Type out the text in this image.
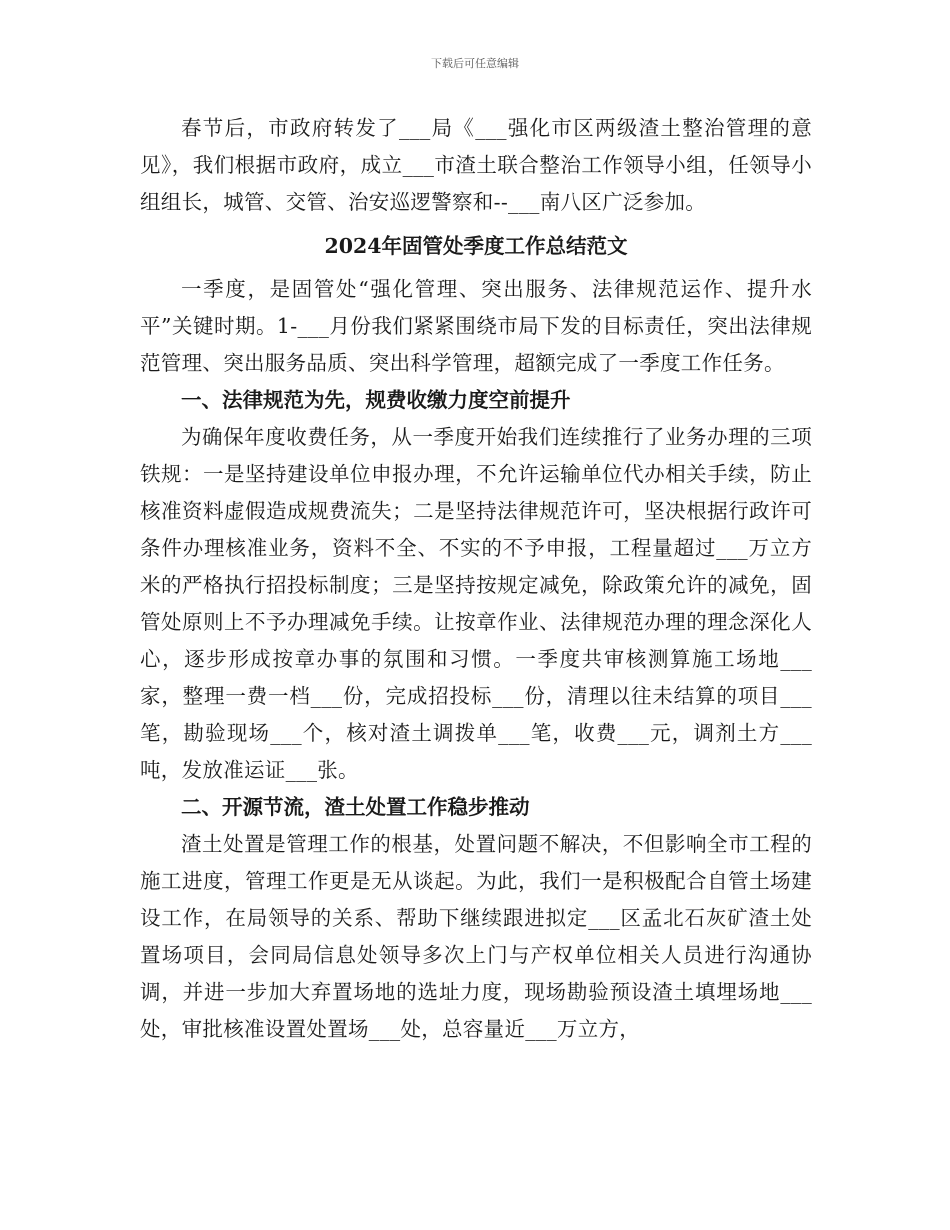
下载后可任意编辑

春节后，市政府转发了___局《___强化市区两级渣土整治管理的意见》，我们根据市政府，成立___市渣土联合整治工作领导小组，任领导小组组长，城管、交管、治安巡逻警察和--___南八区广泛参加。

2024年固管处季度工作总结范文

一季度，是固管处“强化管理、突出服务、法律规范运作、提升水平”关键时期。1-___月份我们紧紧围绕市局下发的目标责任，突出法律规范管理、突出服务品质、突出科学管理，超额完成了一季度工作任务。

一、法律规范为先，规费收缴力度空前提升

为确保年度收费任务，从一季度开始我们连续推行了业务办理的三项铁规：一是坚持建设单位申报办理，不允许运输单位代办相关手续，防止核准资料虚假造成规费流失；二是坚持法律规范许可，坚决根据行政许可条件办理核准业务，资料不全、不实的不予申报，工程量超过___万立方米的严格执行招投标制度；三是坚持按规定减免，除政策允许的减免，固管处原则上不予办理减免手续。让按章作业、法律规范办理的理念深化人心，逐步形成按章办事的氛围和习惯。一季度共审核测算施工场地___家，整理一费一档___份，完成招投标___份，清理以往未结算的项目___笔，勘验现场___个，核对渣土调拨单___笔，收费___元，调剂土方___吨，发放准运证___张。

二、开源节流，渣土处置工作稳步推动

渣土处置是管理工作的根基，处置问题不解决，不但影响全市工程的施工进度，管理工作更是无从谈起。为此，我们一是积极配合自管土场建设工作，在局领导的关系、帮助下继续跟进拟定___区孟北石灰矿渣土处置场项目，会同局信息处领导多次上门与产权单位相关人员进行沟通协调，并进一步加大弃置场地的选址力度，现场勘验预设渣土填埋场地___处，审批核准设置处置场___处，总容量近___万立方，
